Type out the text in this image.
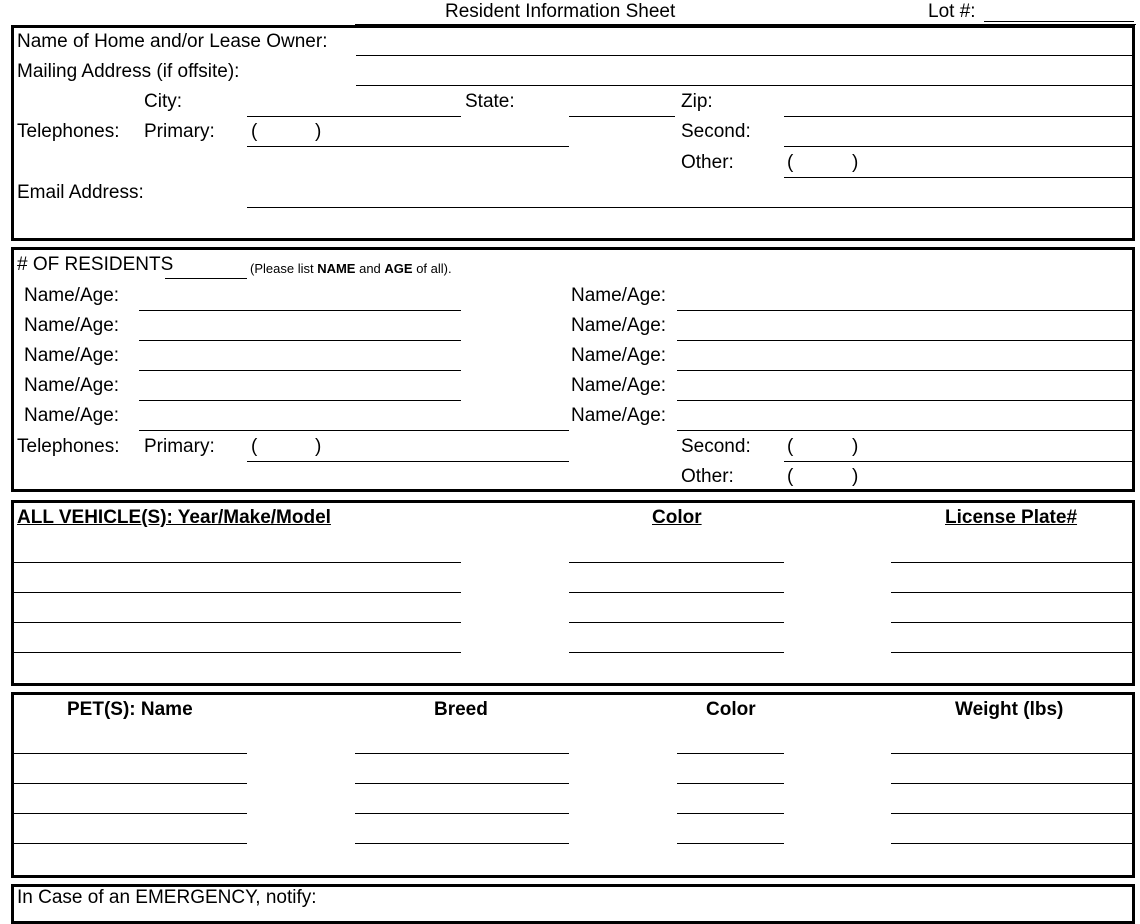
Resident Information Sheet	Lot #:
Name of Home and/or Lease Owner:
Mailing Address (if offsite):
City:	State:	Zip:
Telephones: Primary: (	)	Second:
Other:	(	)
Email Address:
# OF RESIDENTS	(Please list NAME and AGE of all).
Name/Age:
Name/Age:
Name/Age:
Name/Age:
Name/Age:
Name/Age:
Name/Age:
Name/Age:
Name/Age:
Name/Age:
Telephones: Primary: (	)	Second: (	)
Other:	(	)
ALL VEHICLE(S): Year/Make/Model	Color	License Plate#
PET(S): Name	Breed	Color	Weight (lbs)
In Case of an EMERGENCY, notify:
